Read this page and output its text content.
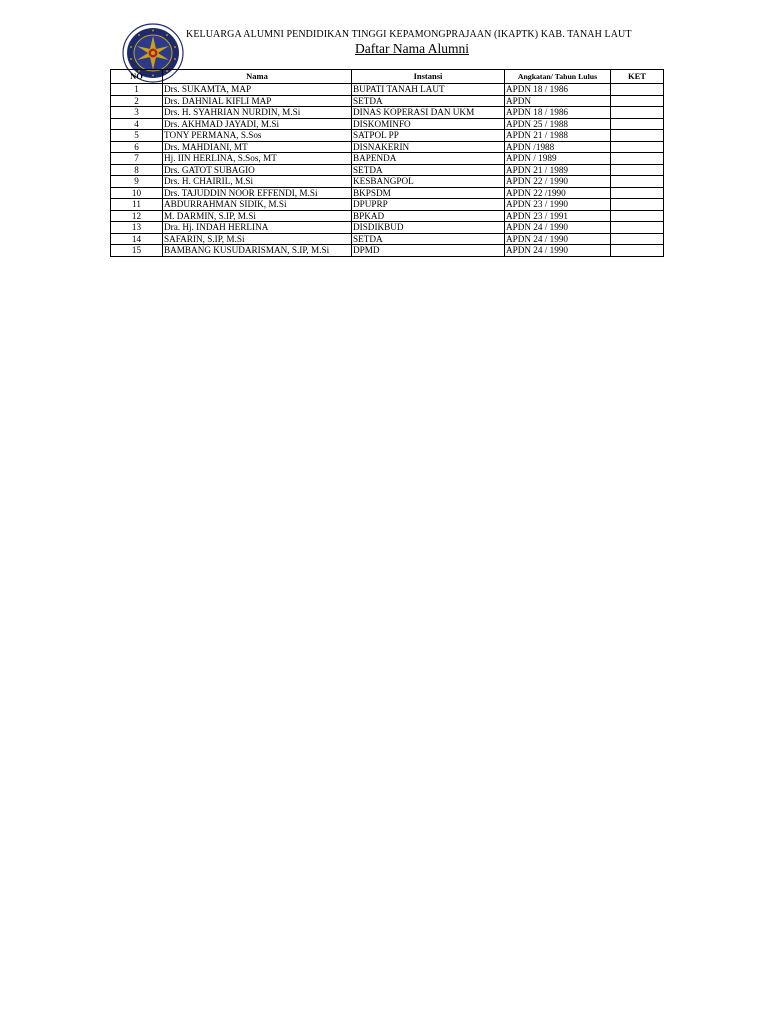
KELUARGA ALUMNI PENDIDIKAN TINGGI KEPAMONGPRAJAAN (IKAPTK) KAB. TANAH LAUT
Daftar Nama Alumni
NO	Nama	Instansi	Angkatan/ Tahun Lulus	KET
1	Drs. SUKAMTA, MAP	BUPATI TANAH LAUT	APDN 18 / 1986	
2	Drs. DAHNIAL KIFLI MAP	SETDA	APDN	
3	Drs. H. SYAHRIAN NURDIN, M.Si	DINAS KOPERASI DAN UKM	APDN 18 / 1986	
4	Drs. AKHMAD JAYADI, M.Si	DISKOMINFO	APDN 25 / 1988	
5	TONY PERMANA, S.Sos	SATPOL PP	APDN 21 / 1988	
6	Drs. MAHDIANI, MT	DISNAKERIN	APDN /1988	
7	Hj. IIN HERLINA, S.Sos, MT	BAPENDA	APDN / 1989	
8	Drs. GATOT SUBAGIO	SETDA	APDN 21 / 1989	
9	Drs. H. CHAIRIL, M.Si	KESBANGPOL	APDN 22 / 1990	
10	Drs. TAJUDDIN NOOR EFFENDI, M.Si	BKPSDM	APDN 22 /1990	
11	ABDURRAHMAN SIDIK, M.Si	DPUPRP	APDN 23 / 1990	
12	M. DARMIN, S.IP, M.Si	BPKAD	APDN 23 / 1991	
13	Dra. Hj. INDAH HERLINA	DISDIKBUD	APDN 24 / 1990	
14	SAFARIN, S.IP, M.Si	SETDA	APDN 24 / 1990	
15	BAMBANG KUSUDARISMAN, S.IP, M.Si	DPMD	APDN 24 / 1990	
